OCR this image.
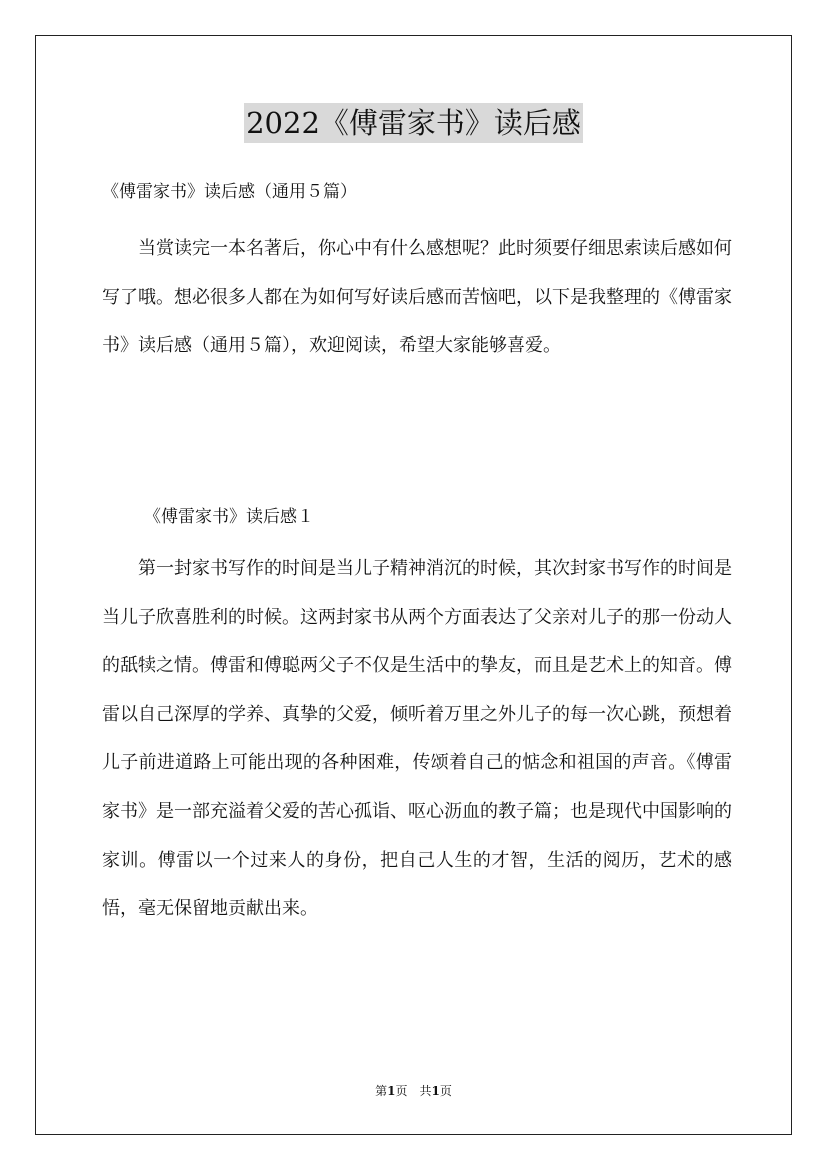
2022《傅雷家书》读后感
《傅雷家书》读后感（通用５篇）

当赏读完一本名著后，你心中有什么感想呢？此时须要仔细思索读后感如何写了哦。想必很多人都在为如何写好读后感而苦恼吧，以下是我整理的《傅雷家书》读后感（通用５篇），欢迎阅读，希望大家能够喜爱。

《傅雷家书》读后感１

第一封家书写作的时间是当儿子精神消沉的时候，其次封家书写作的时间是当儿子欣喜胜利的时候。这两封家书从两个方面表达了父亲对儿子的那一份动人的舐犊之情。傅雷和傅聪两父子不仅是生活中的挚友，而且是艺术上的知音。傅雷以自己深厚的学养、真挚的父爱，倾听着万里之外儿子的每一次心跳，预想着儿子前进道路上可能出现的各种困难，传颂着自己的惦念和祖国的声音。《傅雷家书》是一部充溢着父爱的苦心孤诣、呕心沥血的教子篇；也是现代中国影响的家训。傅雷以一个过来人的身份，把自己人生的才智，生活的阅历，艺术的感悟，毫无保留地贡献出来。

第1页　共1页
